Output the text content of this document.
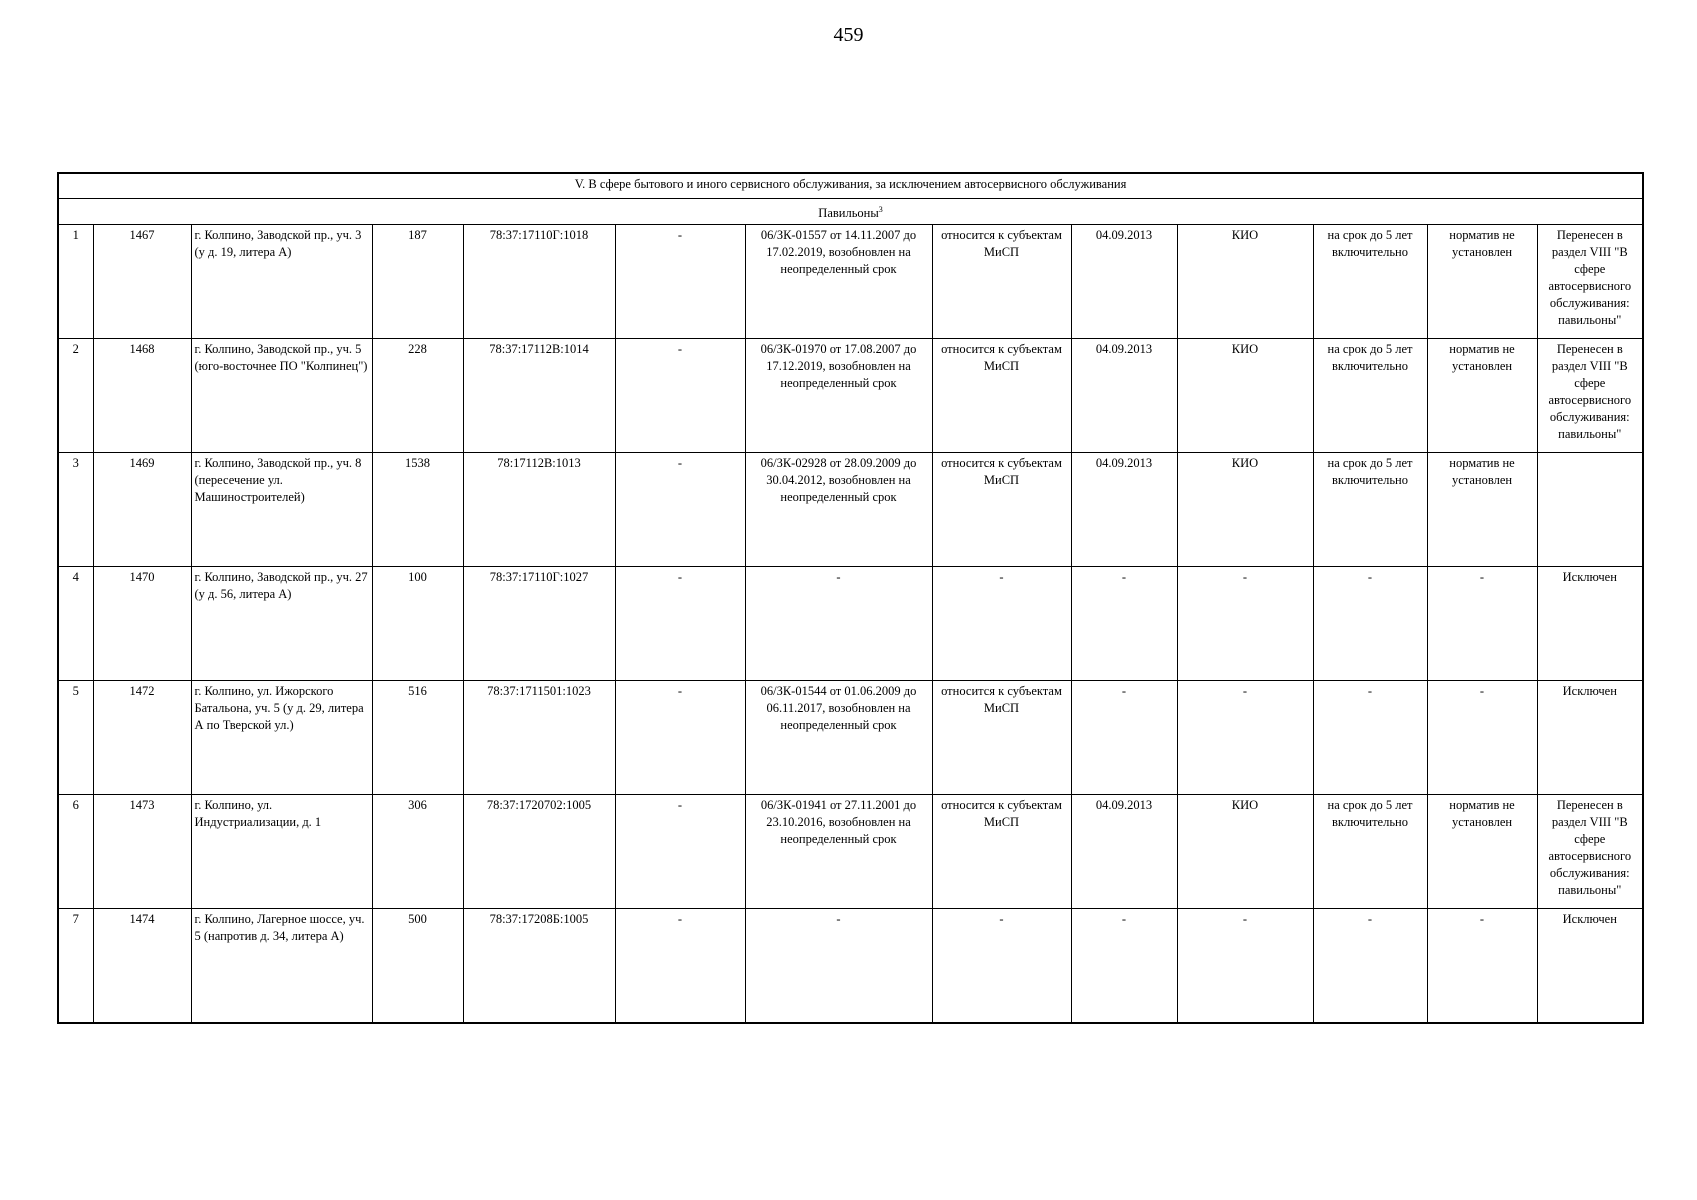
459
V. В сфере бытового и иного сервисного обслуживания, за исключением автосервисного обслуживания												
Павильоны$^3$
1	1467	г. Колпино, Заводской пр., уч. 3 (у д. 19, литера А)	187	78:37:17110Г:1018	-	06/ЗК-01557 от 14.11.2007 до 17.02.2019, возобновлен на неопределенный срок	относится к субъектам МиСП	04.09.2013	КИО	на срок до 5 лет включительно	норматив не установлен	Перенесен в раздел VIII "В сфере автосервисного обслуживания: павильоны"
2	1468	г. Колпино, Заводской пр., уч. 5 (юго-восточнее ПО "Колпинец")	228	78:37:17112В:1014	-	06/ЗК-01970 от 17.08.2007 до 17.12.2019, возобновлен на неопределенный срок	относится к субъектам МиСП	04.09.2013	КИО	на срок до 5 лет включительно	норматив не установлен	Перенесен в раздел VIII "В сфере автосервисного обслуживания: павильоны"
3	1469	г. Колпино, Заводской пр., уч. 8 (пересечение ул. Машиностроителей)	1538	78:17112В:1013	-	06/ЗК-02928 от 28.09.2009 до 30.04.2012, возобновлен на неопределенный срок	относится к субъектам МиСП	04.09.2013	КИО	на срок до 5 лет включительно	норматив не установлен	
4	1470	г. Колпино, Заводской пр., уч. 27 (у д. 56, литера А)	100	78:37:17110Г:1027	-	-	-	-	-	-	-	Исключен
5	1472	г. Колпино, ул. Ижорского Батальона, уч. 5 (у д. 29, литера А по Тверской ул.)	516	78:37:1711501:1023	-	06/ЗК-01544 от 01.06.2009 до 06.11.2017, возобновлен на неопределенный срок	относится к субъектам МиСП	-	-	-	-	Исключен
6	1473	г. Колпино, ул. Индустриализации, д. 1	306	78:37:1720702:1005	-	06/ЗК-01941 от 27.11.2001 до 23.10.2016, возобновлен на неопределенный срок	относится к субъектам МиСП	04.09.2013	КИО	на срок до 5 лет включительно	норматив не установлен	Перенесен в раздел VIII "В сфере автосервисного обслуживания: павильоны"
7	1474	г. Колпино, Лагерное шоссе, уч. 5 (напротив д. 34, литера А)	500	78:37:17208Б:1005	-	-	-	-	-	-	-	Исключен
